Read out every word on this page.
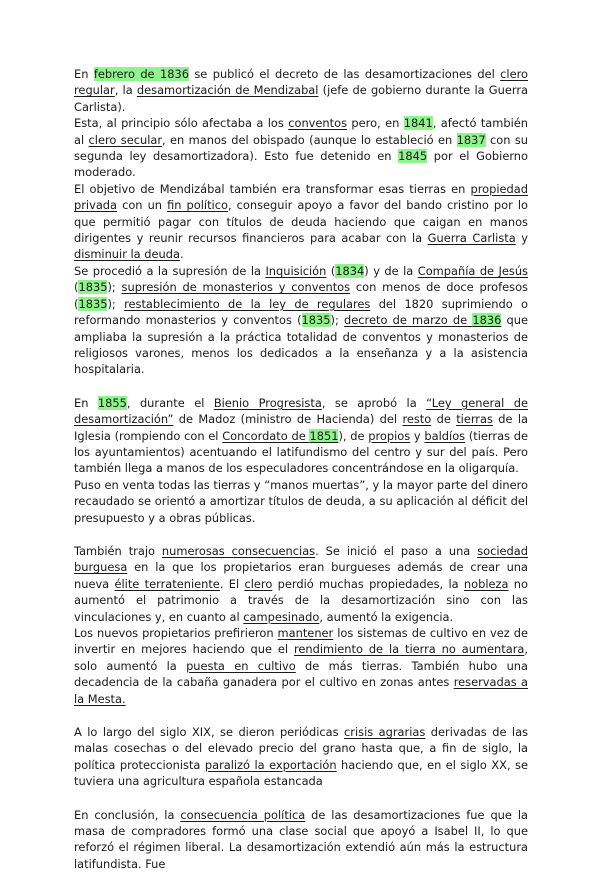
En febrero de 1836 se publicó el decreto de las desamortizaciones del clero regular, la desamortización de Mendizabal (jefe de gobierno durante la Guerra Carlista).

Esta, al principio sólo afectaba a los conventos pero, en 1841, afectó también al clero secular, en manos del obispado (aunque lo estableció en 1837 con su segunda ley desamortizadora). Esto fue detenido en 1845 por el Gobierno moderado.

El objetivo de Mendizábal también era transformar esas tierras en propiedad privada con un fin político, conseguir apoyo a favor del bando cristino por lo que permitió pagar con títulos de deuda haciendo que caigan en manos dirigentes y reunir recursos financieros para acabar con la Guerra Carlista y disminuir la deuda.

Se procedió a la supresión de la Inquisición (1834) y de la Compañía de Jesús (1835); supresión de monasterios y conventos con menos de doce profesos (1835); restablecimiento de la ley de regulares del 1820 suprimiendo o reformando monasterios y conventos (1835); decreto de marzo de 1836 que ampliaba la supresión a la práctica totalidad de conventos y monasterios de religiosos varones, menos los dedicados a la enseñanza y a la asistencia hospitalaria.

En 1855, durante el Bienio Progresista, se aprobó la “Ley general de desamortización” de Madoz (ministro de Hacienda) del resto de tierras de la Iglesia (rompiendo con el Concordato de 1851), de propios y baldíos (tierras de los ayuntamientos) acentuando el latifundismo del centro y sur del país. Pero también llega a manos de los especuladores concentrándose en la oligarquía.

Puso en venta todas las tierras y “manos muertas”, y la mayor parte del dinero recaudado se orientó a amortizar títulos de deuda, a su aplicación al déficit del presupuesto y a obras públicas.

También trajo numerosas consecuencias. Se inició el paso a una sociedad burguesa en la que los propietarios eran burgueses además de crear una nueva élite terrateniente. El clero perdió muchas propiedades, la nobleza no aumentó el patrimonio a través de la desamortización sino con las vinculaciones y, en cuanto al campesinado, aumentó la exigencia.

Los nuevos propietarios prefirieron mantener los sistemas de cultivo en vez de invertir en mejores haciendo que el rendimiento de la tierra no aumentara, solo aumentó la puesta en cultivo de más tierras. También hubo una decadencia de la cabaña ganadera por el cultivo en zonas antes reservadas a la Mesta.

A lo largo del siglo XIX, se dieron periódicas crisis agrarias derivadas de las malas cosechas o del elevado precio del grano hasta que, a fin de siglo, la política proteccionista paralizó la exportación haciendo que, en el siglo XX, se tuviera una agricultura española estancada

En conclusión, la consecuencia política de las desamortizaciones fue que la masa de compradores formó una clase social que apoyó a Isabel II, lo que reforzó el régimen liberal. La desamortización extendió aún más la estructura latifundista. Fue
